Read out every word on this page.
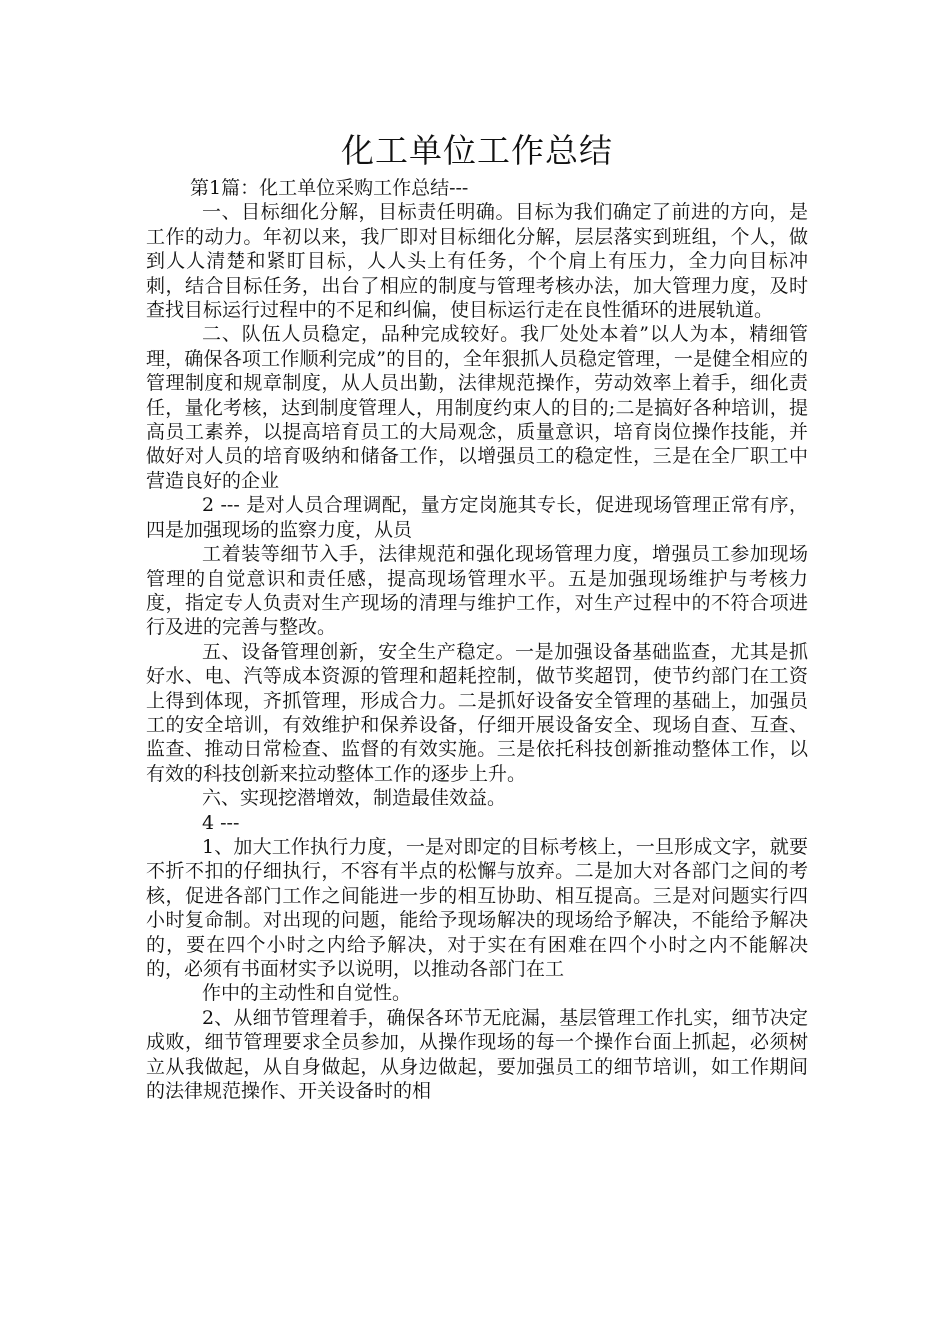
化工单位工作总结

第1篇：化工单位采购工作总结---

一、目标细化分解，目标责任明确。目标为我们确定了前进的方向，是工作的动力。年初以来，我厂即对目标细化分解，层层落实到班组，个人，做到人人清楚和紧盯目标，人人头上有任务，个个肩上有压力，全力向目标冲刺，结合目标任务，出台了相应的制度与管理考核办法，加大管理力度，及时查找目标运行过程中的不足和纠偏，使目标运行走在良性循环的进展轨道。

二、队伍人员稳定，品种完成较好。我厂处处本着”以人为本，精细管理，确保各项工作顺利完成”的目的，全年狠抓人员稳定管理，一是健全相应的管理制度和规章制度，从人员出勤，法律规范操作，劳动效率上着手，细化责任，量化考核，达到制度管理人，用制度约束人的目的;二是搞好各种培训，提高员工素养，以提高培育员工的大局观念，质量意识，培育岗位操作技能，并做好对人员的培育吸纳和储备工作，以增强员工的稳定性，三是在全厂职工中营造良好的企业

2 --- 是对人员合理调配，量方定岗施其专长，促进现场管理正常有序，四是加强现场的监察力度，从员

工着装等细节入手，法律规范和强化现场管理力度，增强员工参加现场管理的自觉意识和责任感，提高现场管理水平。五是加强现场维护与考核力度，指定专人负责对生产现场的清理与维护工作，对生产过程中的不符合项进行及进的完善与整改。

五、设备管理创新，安全生产稳定。一是加强设备基础监查，尤其是抓好水、电、汽等成本资源的管理和超耗控制，做节奖超罚，使节约部门在工资上得到体现，齐抓管理，形成合力。二是抓好设备安全管理的基础上，加强员工的安全培训，有效维护和保养设备，仔细开展设备安全、现场自查、互查、监查、推动日常检查、监督的有效实施。三是依托科技创新推动整体工作，以有效的科技创新来拉动整体工作的逐步上升。

六、实现挖潜增效，制造最佳效益。

4 ---

1、加大工作执行力度，一是对即定的目标考核上，一旦形成文字，就要不折不扣的仔细执行，不容有半点的松懈与放弃。二是加大对各部门之间的考核，促进各部门工作之间能进一步的相互协助、相互提高。三是对问题实行四小时复命制。对出现的问题，能给予现场解决的现场给予解决，不能给予解决的，要在四个小时之内给予解决，对于实在有困难在四个小时之内不能解决的，必须有书面材实予以说明，以推动各部门在工

作中的主动性和自觉性。

2、从细节管理着手，确保各环节无庇漏，基层管理工作扎实，细节决定成败，细节管理要求全员参加，从操作现场的每一个操作台面上抓起，必须树立从我做起，从自身做起，从身边做起，要加强员工的细节培训，如工作期间的法律规范操作、开关设备时的相
